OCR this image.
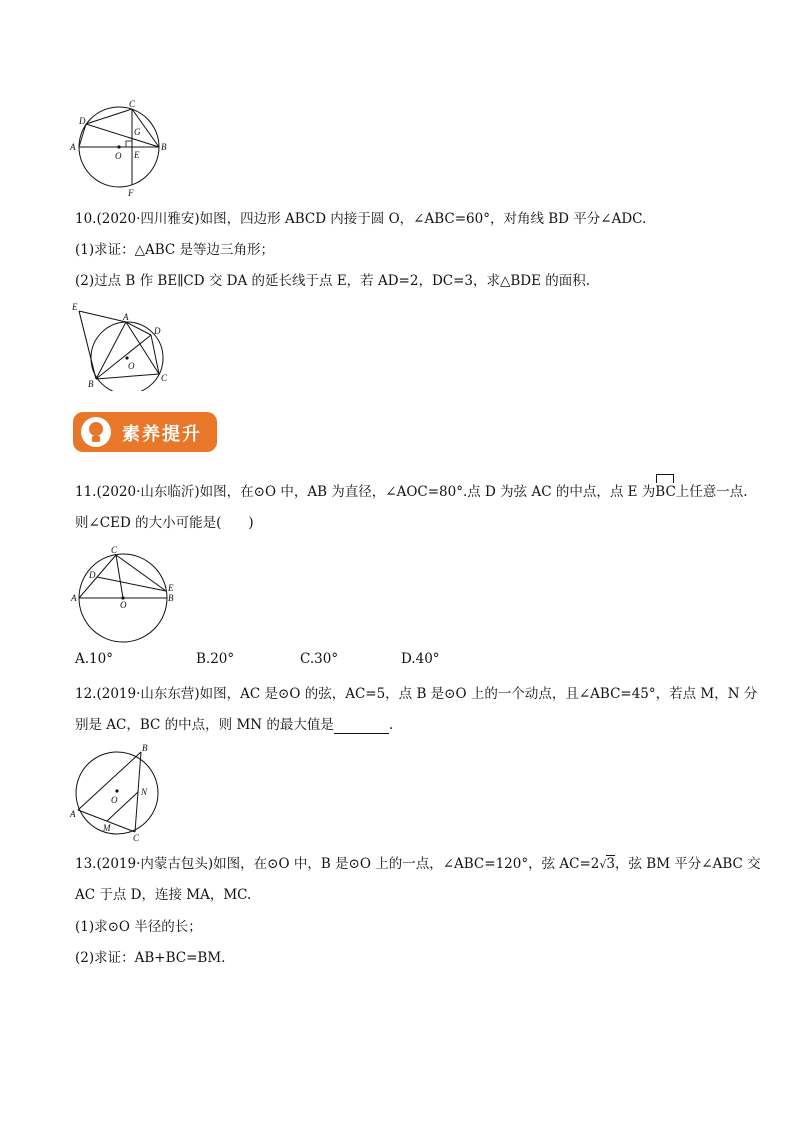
C
D
G
A
O E
B
F
10.(2020·四川雅安)如图，四边形 ABCD 内接于圆 O，∠ABC=60°，对角线 BD 平分∠ADC.
(1)求证：△ABC 是等边三角形；
(2)过点 B 作 BE∥CD 交 DA 的延长线于点 E，若 AD=2，DC=3，求△BDE 的面积.
E
A
D
O
B
C
素养提升
11.(2020·山东临沂)如图，在⊙O 中，AB 为直径，∠AOC=80°.点 D 为弦 AC 的中点，点 E 为BC上任意一点.
则∠CED 的大小可能是(　　)
C
D
E
A
O
B
A.10°	B.20°	C.30°	D.40°
12.(2019·山东东营)如图，AC 是⊙O 的弦，AC=5，点 B 是⊙O 上的一个动点，且∠ABC=45°，若点 M，N 分
别是 AC，BC 的中点，则 MN 的最大值是	.
B
O
N
A
M
C
13.(2019·内蒙古包头)如图，在⊙O 中，B 是⊙O 上的一点，∠ABC=120°，弦 AC=2√3，弦 BM 平分∠ABC 交
AC 于点 D，连接 MA，MC.
(1)求⊙O 半径的长；
(2)求证：AB+BC=BM.
